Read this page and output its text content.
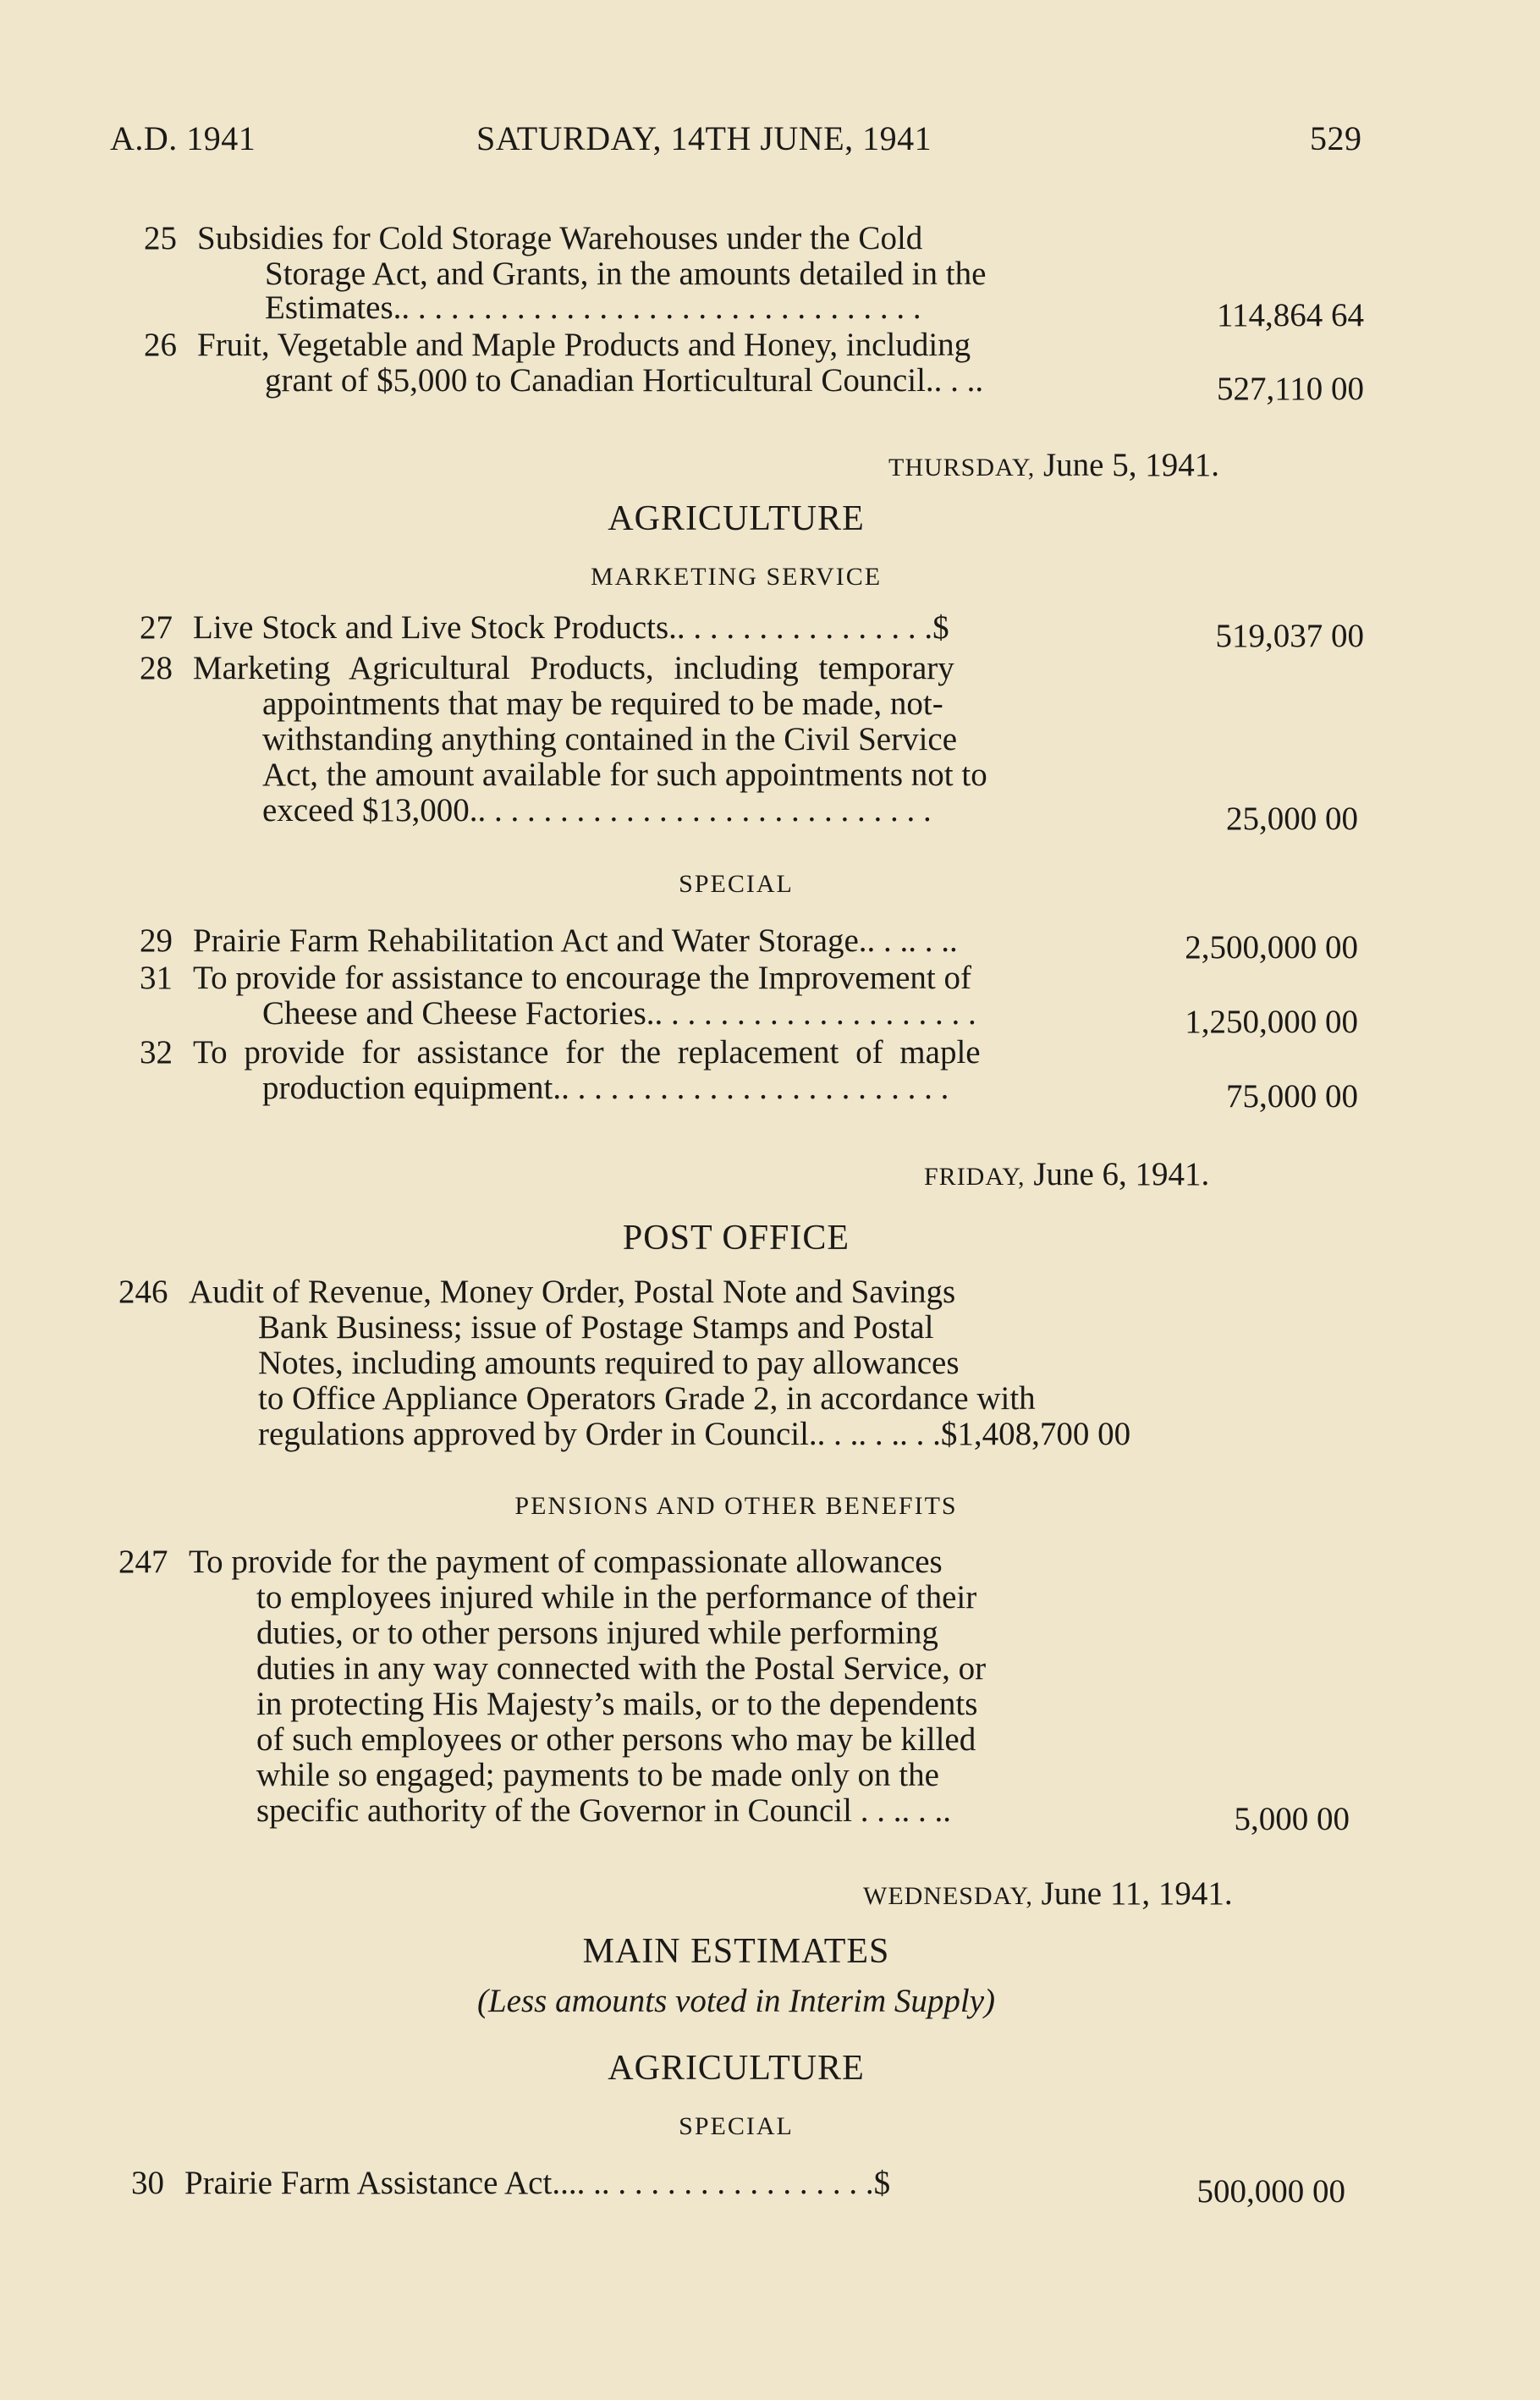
A.D. 1941	SATURDAY, 14TH JUNE, 1941	529
25 Subsidies for Cold Storage Warehouses under the Cold
Storage Act, and Grants, in the amounts detailed in the
Estimates.. . . . . . . . . . . . . . . . . . . . . . . . . . . . . . . .	114,864 64
26 Fruit, Vegetable and Maple Products and Honey, including
grant of $5,000 to Canadian Horticultural Council.. . ..	527,110 00
THURSDAY, June 5, 1941.
AGRICULTURE
MARKETING SERVICE
27 Live Stock and Live Stock Products.. . . . . . . . . . . . . . . .$	519,037 00
28 Marketing Agricultural Products, including temporary
appointments that may be required to be made, not-
withstanding anything contained in the Civil Service
Act, the amount available for such appointments not to
exceed $13,000.. . . . . . . . . . . . . . . . . . . . . . . . . . . .	25,000 00
SPECIAL
29 Prairie Farm Rehabilitation Act and Water Storage.. . .. . ..	2,500,000 00
31 To provide for assistance to encourage the Improvement of
Cheese and Cheese Factories.. . . . . . . . . . . . . . . . . . . .	1,250,000 00
32 To provide for assistance for the replacement of maple
production equipment.. . . . . . . . . . . . . . . . . . . . . . . .	75,000 00
FRIDAY, June 6, 1941.
POST OFFICE
246 Audit of Revenue, Money Order, Postal Note and Savings
Bank Business; issue of Postage Stamps and Postal
Notes, including amounts required to pay allowances
to Office Appliance Operators Grade 2, in accordance with
regulations approved by Order in Council.. . .. . .. . .$1,408,700 00
PENSIONS AND OTHER BENEFITS
247 To provide for the payment of compassionate allowances
to employees injured while in the performance of their
duties, or to other persons injured while performing
duties in any way connected with the Postal Service, or
in protecting His Majesty’s mails, or to the dependents
of such employees or other persons who may be killed
while so engaged; payments to be made only on the
specific authority of the Governor in Council . . .. . ..	5,000 00
WEDNESDAY, June 11, 1941.
MAIN ESTIMATES
(Less amounts voted in Interim Supply)
AGRICULTURE
SPECIAL
30 Prairie Farm Assistance Act.... .. . . . . . . . . . . . . . . . .$	500,000 00
